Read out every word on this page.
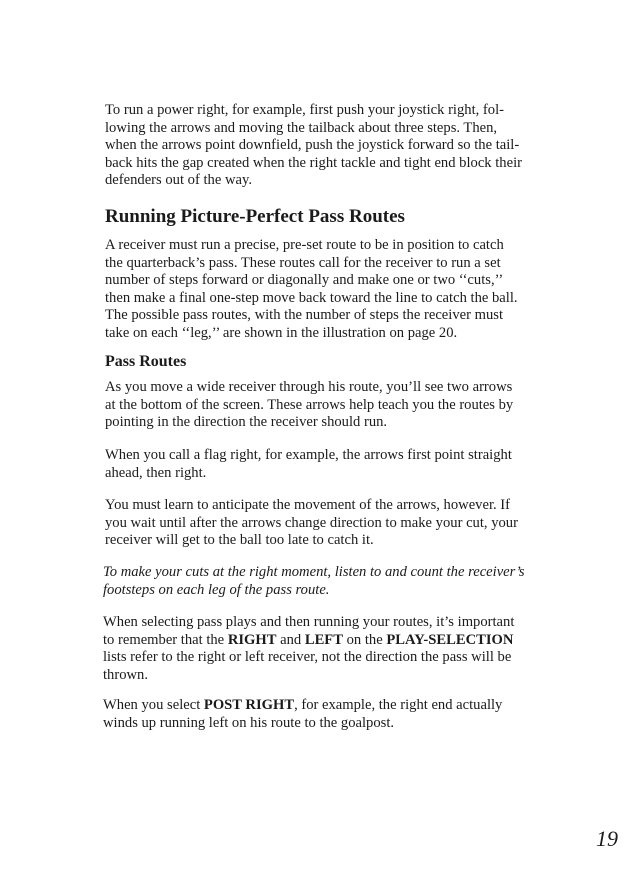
To run a power right, for example, first push your joystick right, fol-
lowing the arrows and moving the tailback about three steps. Then,
when the arrows point downfield, push the joystick forward so the tail-
back hits the gap created when the right tackle and tight end block their
defenders out of the way.

Running Picture-Perfect Pass Routes

A receiver must run a precise, pre-set route to be in position to catch
the quarterback’s pass. These routes call for the receiver to run a set
number of steps forward or diagonally and make one or two ‘‘cuts,’’
then make a final one-step move back toward the line to catch the ball.
The possible pass routes, with the number of steps the receiver must
take on each ‘‘leg,’’ are shown in the illustration on page 20.

Pass Routes

As you move a wide receiver through his route, you’ll see two arrows
at the bottom of the screen. These arrows help teach you the routes by
pointing in the direction the receiver should run.

When you call a flag right, for example, the arrows first point straight
ahead, then right.

You must learn to anticipate the movement of the arrows, however. If
you wait until after the arrows change direction to make your cut, your
receiver will get to the ball too late to catch it.

To make your cuts at the right moment, listen to and count the receiver’s
footsteps on each leg of the pass route.

When selecting pass plays and then running your routes, it’s important
to remember that the RIGHT and LEFT on the PLAY-SELECTION
lists refer to the right or left receiver, not the direction the pass will be
thrown.

When you select POST RIGHT, for example, the right end actually
winds up running left on his route to the goalpost.

19
